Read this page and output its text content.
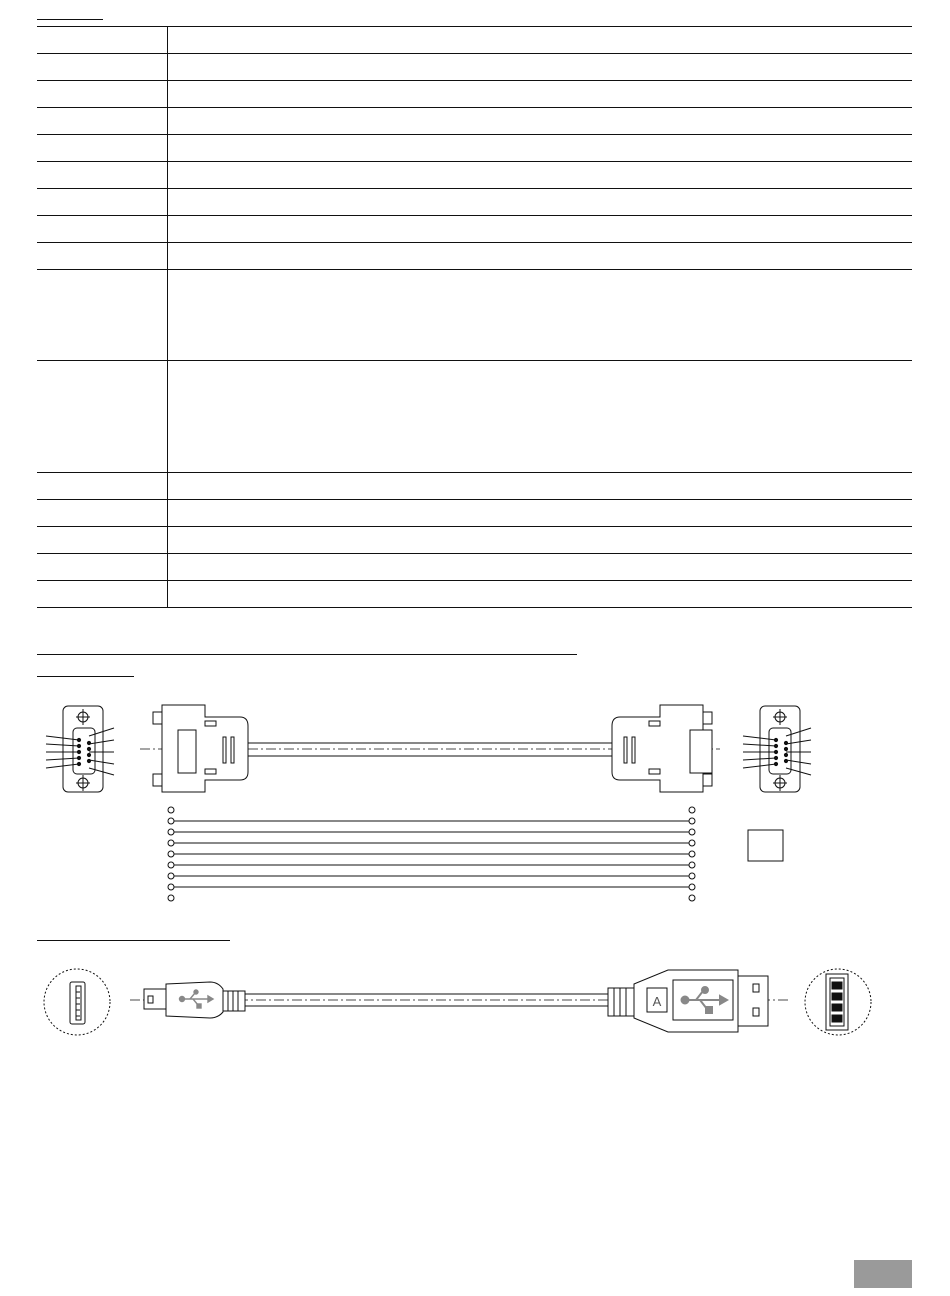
A
